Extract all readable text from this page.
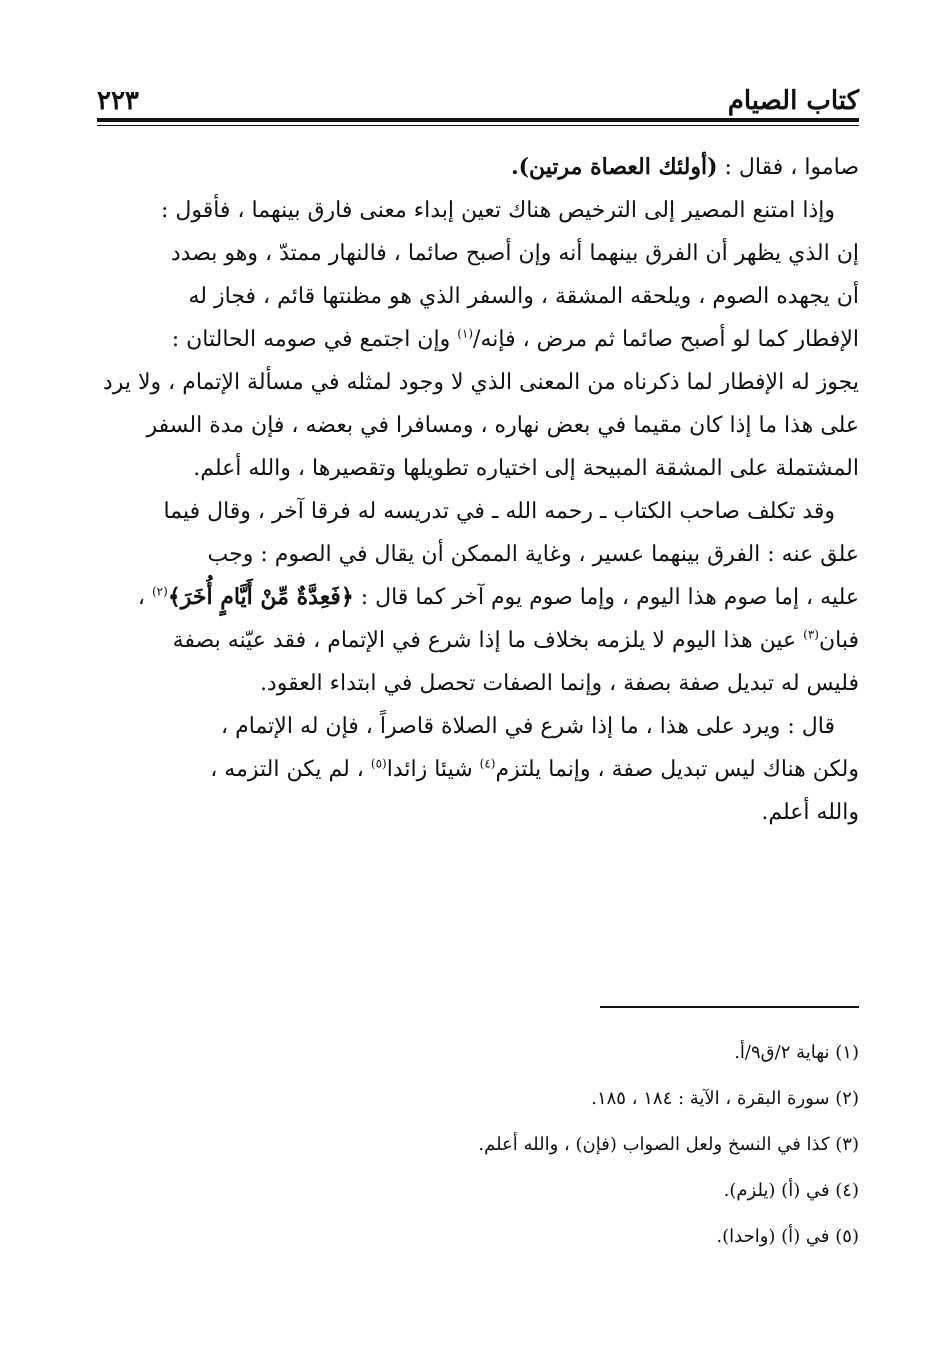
٢٢٣	كتاب الصيام

صاموا ، فقال : (أولئك العصاة مرتين).

وإذا امتنع المصير إلى الترخيص هناك تعين إبداء معنى فارق بينهما ، فأقول :

إن الذي يظهر أن الفرق بينهما أنه وإن أصبح صائما ، فالنهار ممتدّ ، وهو بصدد

أن يجهده الصوم ، ويلحقه المشقة ، والسفر الذي هو مظنتها قائم ، فجاز له

الإفطار كما لو أصبح صائما ثم مرض ، فإنه/$^{(١)}$ وإن اجتمع في صومه الحالتان :

يجوز له الإفطار لما ذكرناه من المعنى الذي لا وجود لمثله في مسألة الإتمام ، ولا يرد

على هذا ما إذا كان مقيما في بعض نهاره ، ومسافرا في بعضه ، فإن مدة السفر

المشتملة على المشقة المبيحة إلى اختياره تطويلها وتقصيرها ، والله أعلم.

وقد تكلف صاحب الكتاب ـ رحمه الله ـ في تدريسه له فرقا آخر ، وقال فيما

علق عنه : الفرق بينهما عسير ، وغاية الممكن أن يقال في الصوم : وجب

عليه ، إما صوم هذا اليوم ، وإما صوم يوم آخر كما قال : ﴿فَعِدَّةٌ مِّنْ أَيَّامٍ أُخَرَ﴾$^{(٢)}$ ،

فبان$^{(٣)}$ عين هذا اليوم لا يلزمه بخلاف ما إذا شرع في الإتمام ، فقد عيّنه بصفة

فليس له تبديل صفة بصفة ، وإنما الصفات تحصل في ابتداء العقود.

قال : ويرد على هذا ، ما إذا شرع في الصلاة قاصراً ، فإن له الإتمام ،

ولكن هناك ليس تبديل صفة ، وإنما يلتزم$^{(٤)}$ شيئا زائدا$^{(٥)}$ ، لم يكن التزمه ،

والله أعلم.

(١) نهاية ٢/ق٩/أ.

(٢) سورة البقرة ، الآية : ١٨٤ ، ١٨٥.

(٣) كذا في النسخ ولعل الصواب (فإن) ، والله أعلم.

(٤) في (أ) (يلزم).

(٥) في (أ) (واحدا).
